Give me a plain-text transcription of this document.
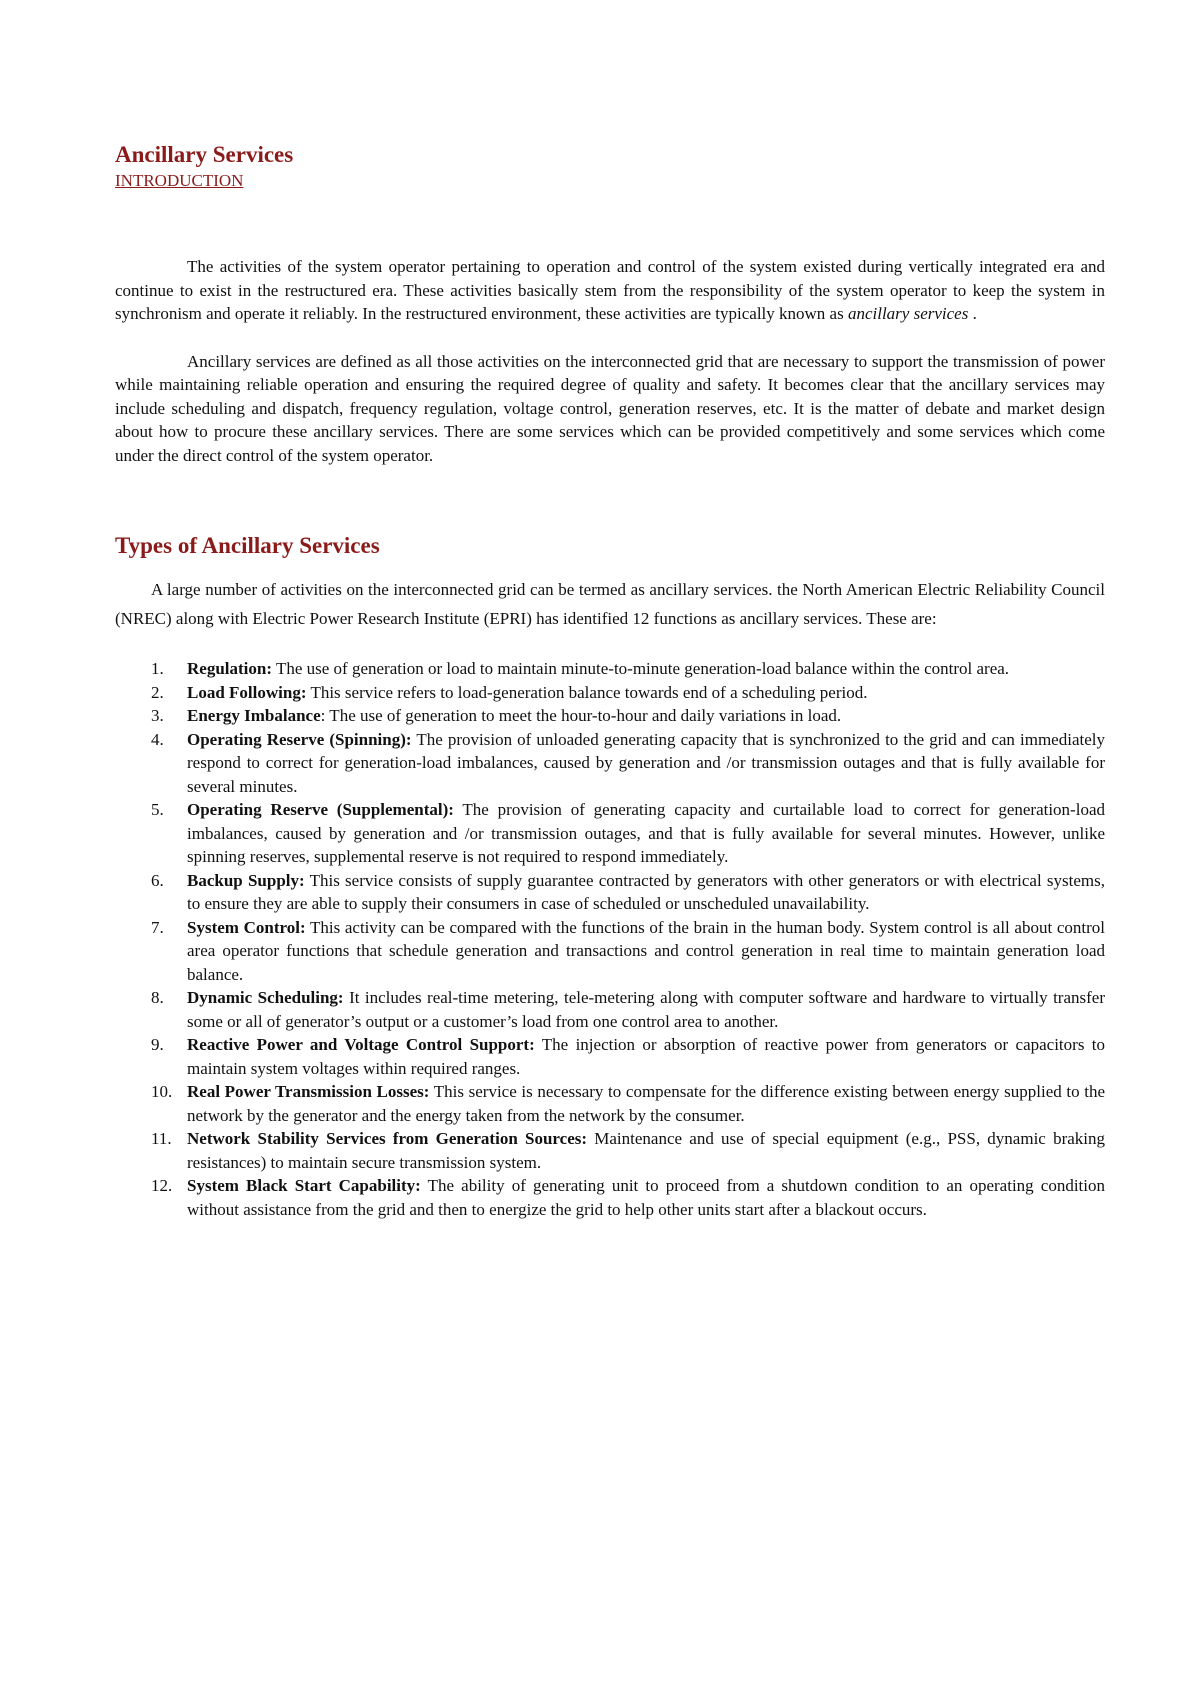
Ancillary Services
INTRODUCTION

The activities of the system operator pertaining to operation and control of the system existed during vertically integrated era and continue to exist in the restructured era. These activities basically stem from the responsibility of the system operator to keep the system in synchronism and operate it reliably. In the restructured environment, these activities are typically known as ancillary services .

Ancillary services are defined as all those activities on the interconnected grid that are necessary to support the transmission of power while maintaining reliable operation and ensuring the required degree of quality and safety. It becomes clear that the ancillary services may include scheduling and dispatch, frequency regulation, voltage control, generation reserves, etc. It is the matter of debate and market design about how to procure these ancillary services. There are some services which can be provided competitively and some services which come under the direct control of the system operator.

Types of Ancillary Services

A large number of activities on the interconnected grid can be termed as ancillary services. the North American Electric Reliability Council (NREC) along with Electric Power Research Institute (EPRI) has identified 12 functions as ancillary services. These are:

1. Regulation: The use of generation or load to maintain minute-to-minute generation-load balance within the control area.
2. Load Following: This service refers to load-generation balance towards end of a scheduling period.
3. Energy Imbalance: The use of generation to meet the hour-to-hour and daily variations in load.
4. Operating Reserve (Spinning): The provision of unloaded generating capacity that is synchronized to the grid and can immediately respond to correct for generation-load imbalances, caused by generation and /or transmission outages and that is fully available for several minutes.
5. Operating Reserve (Supplemental): The provision of generating capacity and curtailable load to correct for generation-load imbalances, caused by generation and /or transmission outages, and that is fully available for several minutes. However, unlike spinning reserves, supplemental reserve is not required to respond immediately.
6. Backup Supply: This service consists of supply guarantee contracted by generators with other generators or with electrical systems, to ensure they are able to supply their consumers in case of scheduled or unscheduled unavailability.
7. System Control: This activity can be compared with the functions of the brain in the human body. System control is all about control area operator functions that schedule generation and transactions and control generation in real time to maintain generation load balance.
8. Dynamic Scheduling: It includes real-time metering, tele-metering along with computer software and hardware to virtually transfer some or all of generator’s output or a customer’s load from one control area to another.
9. Reactive Power and Voltage Control Support: The injection or absorption of reactive power from generators or capacitors to maintain system voltages within required ranges.
10. Real Power Transmission Losses: This service is necessary to compensate for the difference existing between energy supplied to the network by the generator and the energy taken from the network by the consumer.
11. Network Stability Services from Generation Sources: Maintenance and use of special equipment (e.g., PSS, dynamic braking resistances) to maintain secure transmission system.
12. System Black Start Capability: The ability of generating unit to proceed from a shutdown condition to an operating condition without assistance from the grid and then to energize the grid to help other units start after a blackout occurs.
